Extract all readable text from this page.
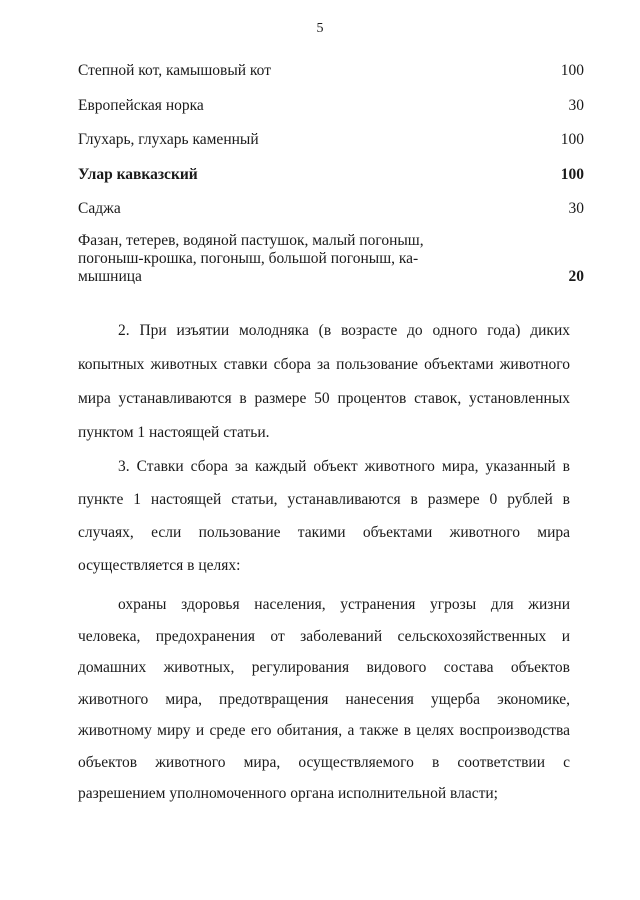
5
Степной кот, камышовый кот	100
Европейская норка	30
Глухарь, глухарь каменный	100
Улар кавказский	100
Саджа	30
Фазан, тетерев, водяной пастушок, малый погоныш,
погоныш-крошка, погоныш, большой погоныш, ка-
мышница	20
2. При изъятии молодняка (в возрасте до одного года) диких копытных животных ставки сбора за пользование объектами животного мира устанавливаются в размере 50 процентов ставок, установленных пунктом 1 настоящей статьи.
3. Ставки сбора за каждый объект животного мира, указанный в пункте 1 настоящей статьи, устанавливаются в размере 0 рублей в случаях, если пользование такими объектами животного мира осуществляется в целях:
охраны здоровья населения, устранения угрозы для жизни человека, предохранения от заболеваний сельскохозяйственных и домашних животных, регулирования видового состава объектов животного мира, предотвращения нанесения ущерба экономике, животному миру и среде его обитания, а также в целях воспроизводства объектов животного мира, осуществляемого в соответствии с разрешением уполномоченного органа исполнительной власти;
